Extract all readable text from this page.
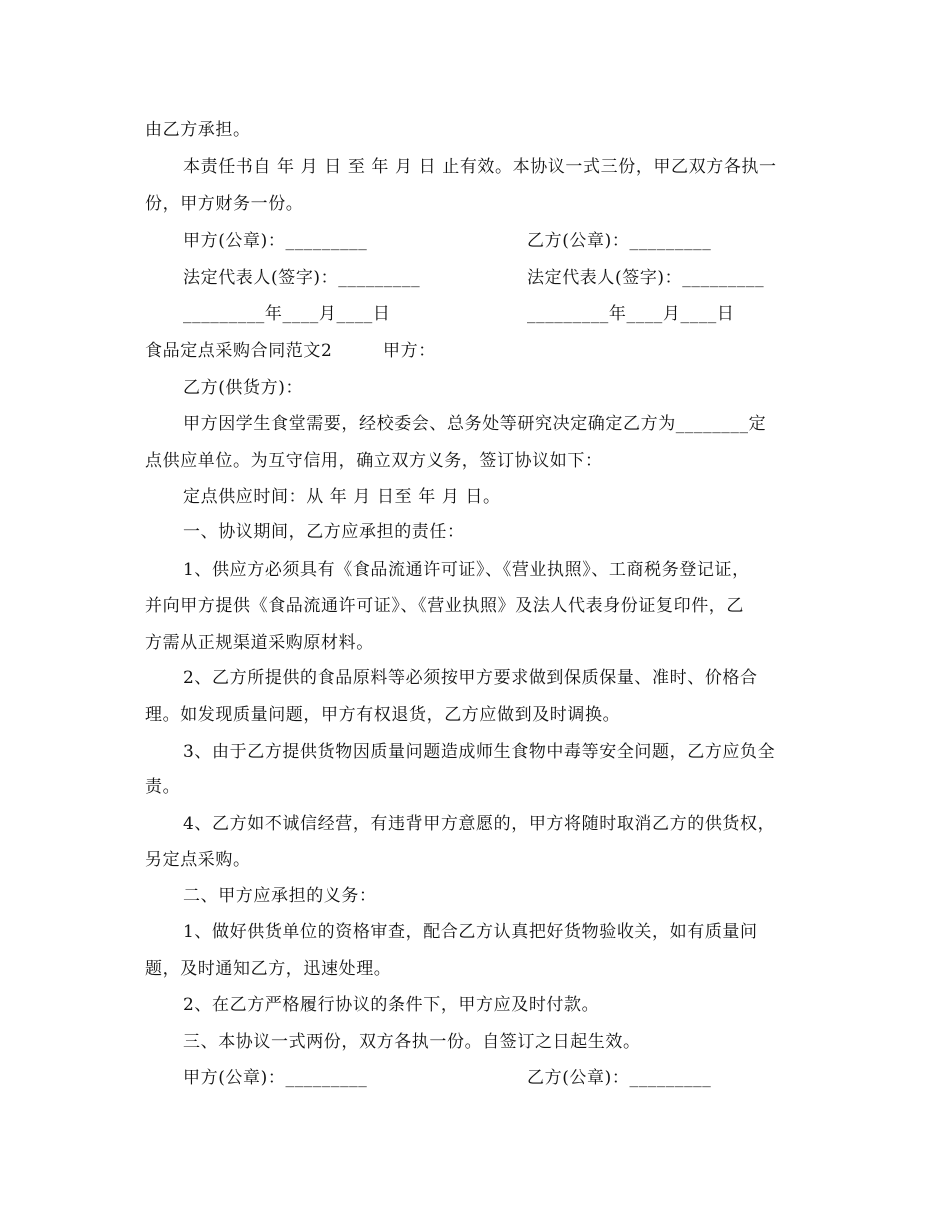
由乙方承担。
本责任书自 年 月 日 至 年 月 日 止有效。本协议一式三份，甲乙双方各执一
份，甲方财务一份。
甲方(公章)：_________	乙方(公章)：_________
法定代表人(签字)：_________	法定代表人(签字)：_________
_________年____月____日	_________年____月____日
食品定点采购合同范文2	甲方：
乙方(供货方)：
甲方因学生食堂需要，经校委会、总务处等研究决定确定乙方为________定
点供应单位。为互守信用，确立双方义务，签订协议如下：
定点供应时间：从 年 月 日至 年 月 日。
一、协议期间，乙方应承担的责任：
1、供应方必须具有《食品流通许可证》、《营业执照》、工商税务登记证，
并向甲方提供《食品流通许可证》、《营业执照》及法人代表身份证复印件，乙
方需从正规渠道采购原材料。
2、乙方所提供的食品原料等必须按甲方要求做到保质保量、准时、价格合
理。如发现质量问题，甲方有权退货，乙方应做到及时调换。
3、由于乙方提供货物因质量问题造成师生食物中毒等安全问题，乙方应负全
责。
4、乙方如不诚信经营，有违背甲方意愿的，甲方将随时取消乙方的供货权，
另定点采购。
二、甲方应承担的义务：
1、做好供货单位的资格审查，配合乙方认真把好货物验收关，如有质量问
题，及时通知乙方，迅速处理。
2、在乙方严格履行协议的条件下，甲方应及时付款。
三、本协议一式两份，双方各执一份。自签订之日起生效。
甲方(公章)：_________	乙方(公章)：_________
